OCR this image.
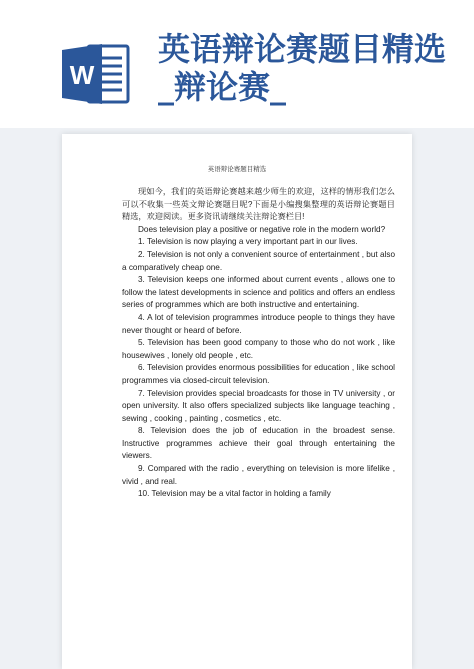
W
英语辩论赛题目精选_辩论赛_
英语辩论赛题目精选

现如今，我们的英语辩论赛越来越少师生的欢迎，这样的情形我们怎么可以不收集一些英文辩论赛题目呢?下面是小编搜集整理的英语辩论赛题目精选，欢迎阅读。更多资讯请继续关注辩论赛栏目!

Does television play a positive or negative role in the modern world?

1. Television is now playing a very important part in our lives.

2. Television is not only a convenient source of entertainment , but also a comparatively cheap one.

3. Television keeps one informed about current events , allows one to follow the latest developments in science and politics and offers an endless series of programmes which are both instructive and entertaining.

4. A lot of television programmes introduce people to things they have never thought or heard of before.

5. Television has been good company to those who do not work , like housewives , lonely old people , etc.

6. Television provides enormous possibilities for education , like school programmes via closed-circuit television.

7. Television provides special broadcasts for those in TV university , or open university. It also offers specialized subjects like language teaching , sewing , cooking , painting , cosmetics , etc.

8. Television does the job of education in the broadest sense. Instructive programmes achieve their goal through entertaining the viewers.

9. Compared with the radio , everything on television is more lifelike , vivid , and real.

10. Television may be a vital factor in holding a family
